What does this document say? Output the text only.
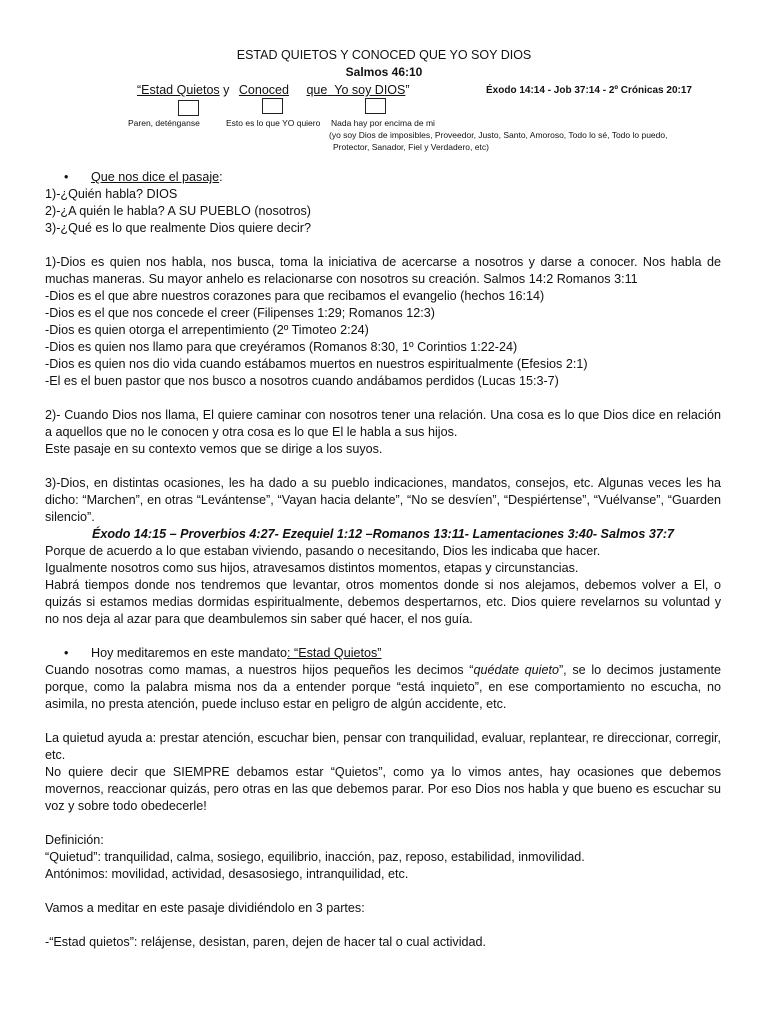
ESTAD QUIETOS Y CONOCED QUE YO SOY DIOS
Salmos 46:10
“Estad Quietos y Conoced que Yo soy DIOS”	Éxodo 14:14 - Job 37:14 - 2º Crónicas 20:17
Paren, deténganse	Esto es lo que YO quiero Nada hay por encima de mi
(yo soy Dios de imposibles, Proveedor, Justo, Santo, Amoroso, Todo lo sé, Todo lo puedo,
Protector, Sanador, Fiel y Verdadero, etc)

• Que nos dice el pasaje:

1)-¿Quién habla? DIOS

2)-¿A quién le habla? A SU PUEBLO (nosotros)

3)-¿Qué es lo que realmente Dios quiere decir?

1)-Dios es quien nos habla, nos busca, toma la iniciativa de acercarse a nosotros y darse a conocer. Nos habla de muchas maneras. Su mayor anhelo es relacionarse con nosotros su creación. Salmos 14:2 Romanos 3:11

-Dios es el que abre nuestros corazones para que recibamos el evangelio (hechos 16:14)

-Dios es el que nos concede el creer (Filipenses 1:29; Romanos 12:3)

-Dios es quien otorga el arrepentimiento (2º Timoteo 2:24)

-Dios es quien nos llamo para que creyéramos (Romanos 8:30, 1º Corintios 1:22-24)

-Dios es quien nos dio vida cuando estábamos muertos en nuestros espiritualmente (Efesios 2:1)

-El es el buen pastor que nos busco a nosotros cuando andábamos perdidos (Lucas 15:3-7)

2)- Cuando Dios nos llama, El quiere caminar con nosotros tener una relación. Una cosa es lo que Dios dice en relación a aquellos que no le conocen y otra cosa es lo que El le habla a sus hijos.

Este pasaje en su contexto vemos que se dirige a los suyos.

3)-Dios, en distintas ocasiones, les ha dado a su pueblo indicaciones, mandatos, consejos, etc. Algunas veces les ha dicho: “Marchen”, en otras “Levántense”, “Vayan hacia delante”, “No se desvíen”, “Despiértense”, “Vuélvanse”, “Guarden silencio”.

Éxodo 14:15 – Proverbios 4:27- Ezequiel 1:12 –Romanos 13:11- Lamentaciones 3:40- Salmos 37:7

Porque de acuerdo a lo que estaban viviendo, pasando o necesitando, Dios les indicaba que hacer.

Igualmente nosotros como sus hijos, atravesamos distintos momentos, etapas y circunstancias.

Habrá tiempos donde nos tendremos que levantar, otros momentos donde si nos alejamos, debemos volver a El, o quizás si estamos medias dormidas espiritualmente, debemos despertarnos, etc. Dios quiere revelarnos su voluntad y no nos deja al azar para que deambulemos sin saber qué hacer, el nos guía.

• Hoy meditaremos en este mandato: “Estad Quietos”

Cuando nosotras como mamas, a nuestros hijos pequeños les decimos “quédate quieto”, se lo decimos justamente porque, como la palabra misma nos da a entender porque “está inquieto”, en ese comportamiento no escucha, no asimila, no presta atención, puede incluso estar en peligro de algún accidente, etc.

La quietud ayuda a: prestar atención, escuchar bien, pensar con tranquilidad, evaluar, replantear, re direccionar, corregir, etc.

No quiere decir que SIEMPRE debamos estar “Quietos”, como ya lo vimos antes, hay ocasiones que debemos movernos, reaccionar quizás, pero otras en las que debemos parar. Por eso Dios nos habla y que bueno es escuchar su voz y sobre todo obedecerle!

Definición:

“Quietud”: tranquilidad, calma, sosiego, equilibrio, inacción, paz, reposo, estabilidad, inmovilidad.

Antónimos: movilidad, actividad, desasosiego, intranquilidad, etc.

Vamos a meditar en este pasaje dividiéndolo en 3 partes:

-“Estad quietos”: relájense, desistan, paren, dejen de hacer tal o cual actividad.
